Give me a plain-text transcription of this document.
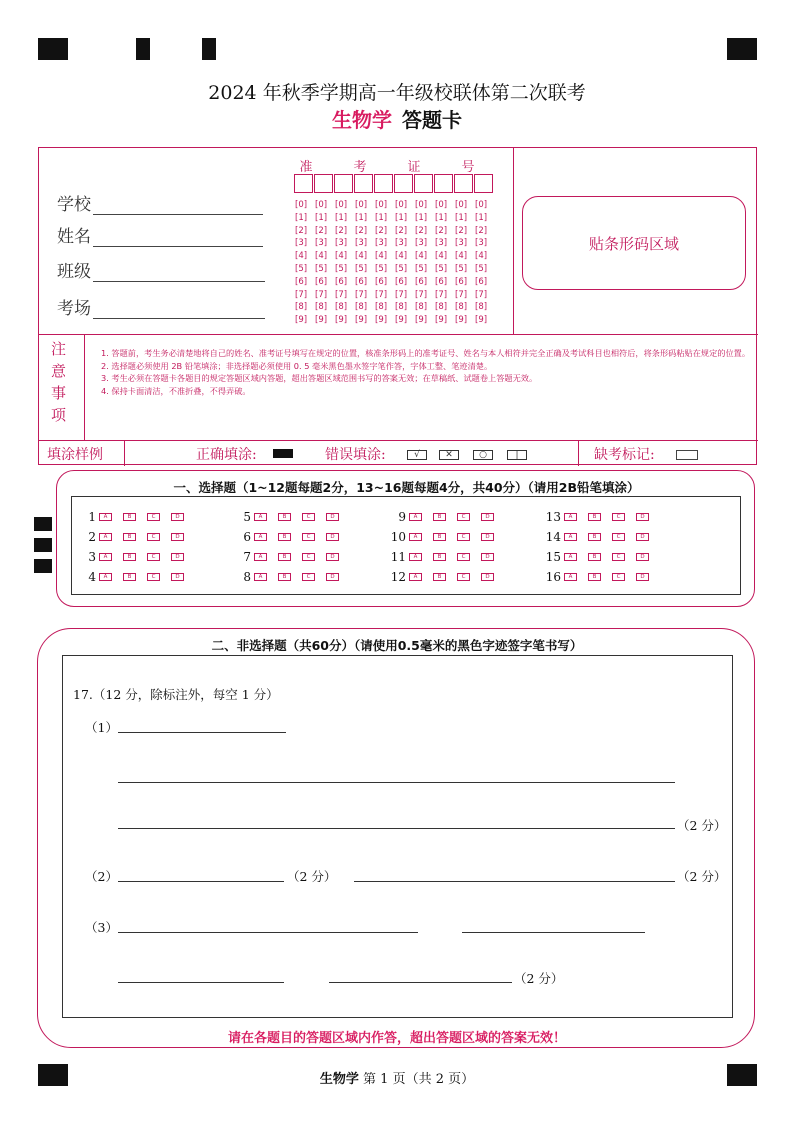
2024 年秋季学期高一年级校联体第二次联考
生物学 答题卡
学校
姓名
班级
考场
准　考　证　号
[0] [0] [0] [0] [0] [0] [0] [0] [0] [0]
[1] [1] [1] [1] [1] [1] [1] [1] [1] [1]
[2] [2] [2] [2] [2] [2] [2] [2] [2] [2]
[3] [3] [3] [3] [3] [3] [3] [3] [3] [3]
[4] [4] [4] [4] [4] [4] [4] [4] [4] [4]
[5] [5] [5] [5] [5] [5] [5] [5] [5] [5]
[6] [6] [6] [6] [6] [6] [6] [6] [6] [6]
[7] [7] [7] [7] [7] [7] [7] [7] [7] [7]
[8] [8] [8] [8] [8] [8] [8] [8] [8] [8]
[9] [9] [9] [9] [9] [9] [9] [9] [9] [9]
贴条形码区域
注
意
事
项
1. 答题前，考生务必清楚地将自己的姓名、准考证号填写在规定的位置，核准条形码上的准考证号、姓名与本人相符并完全正确及考试科目也相符后，将条形码粘贴在规定的位置。
2. 选择题必须使用 2B 铅笔填涂；非选择题必须使用 0. 5 毫米黑色墨水签字笔作答，字体工整、笔迹清楚。
3. 考生必须在答题卡各题目的规定答题区域内答题，超出答题区域范围书写的答案无效；在草稿纸、试题卷上答题无效。
4. 保持卡面清洁，不准折叠，不得弄破。
填涂样例	正确填涂:	错误填涂:	√	✕	○	|	缺考标记:
一、选择题（1~12题每题2分，13~16题每题4分，共40分）（请用2B铅笔填涂）
1	A	B	C	D
2	A	B	C	D
3	A	B	C	D
4	A	B	C	D
5	A	B	C	D
6	A	B	C	D
7	A	B	C	D
8	A	B	C	D
9	A	B	C	D
10	A	B	C	D
11	A	B	C	D
12	A	B	C	D
13	A	B	C	D
14	A	B	C	D
15	A	B	C	D
16	A	B	C	D
二、非选择题（共60分）（请使用0.5毫米的黑色字迹签字笔书写）
17.（12 分，除标注外，每空 1 分）
（1）
（2 分）
（2）	（2 分）	（2 分）
（3）
（2 分）
请在各题目的答题区域内作答，超出答题区域的答案无效！
生物学 第 1 页（共 2 页）
